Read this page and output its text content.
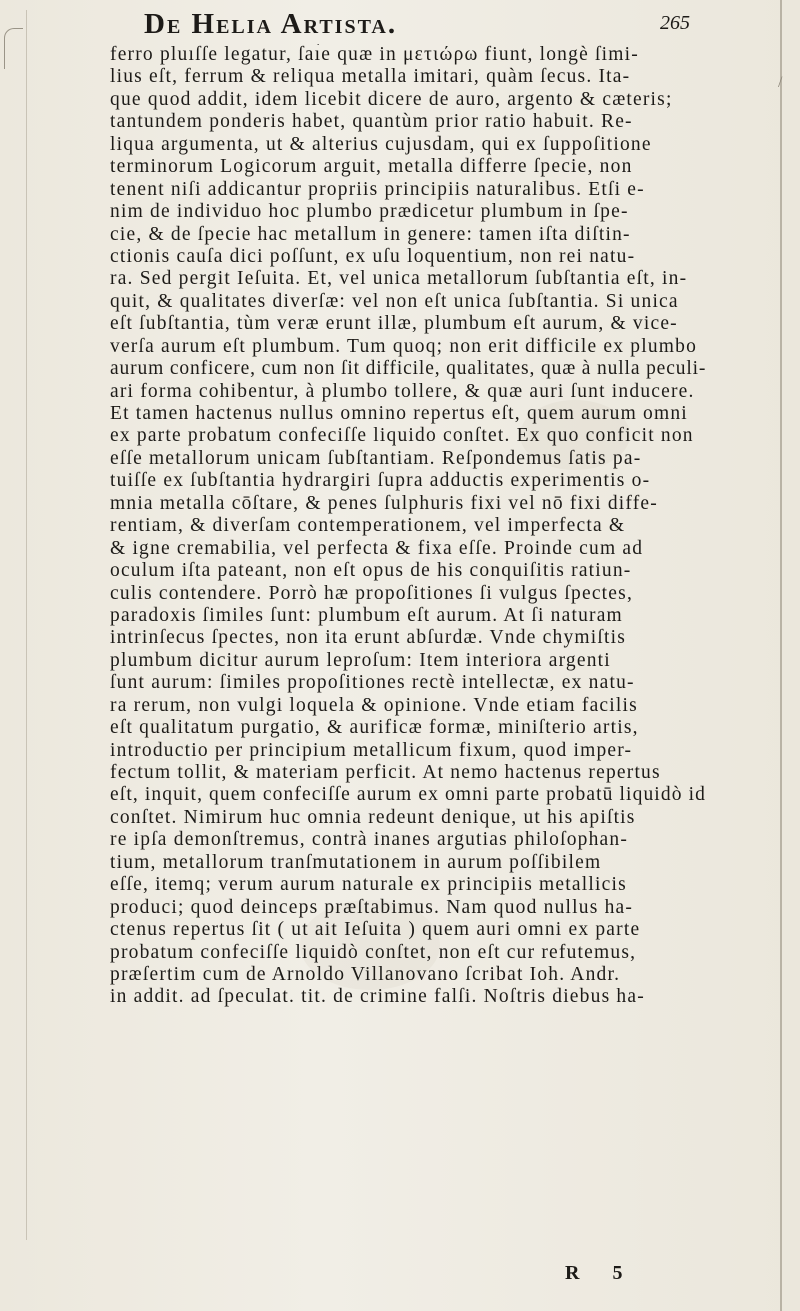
/
De Helia Artista.	265
ferro pluıſſe legatur, ſaı̀e quæ in μετιώρω fiunt, longè ſimi-
lius eſt, ferrum & reliqua metalla imitari, quàm ſecus. Ita-
que quod addit, idem licebit dicere de auro, argento & cæteris;
tantundem ponderis habet, quantùm prior ratio habuit. Re-
liqua argumenta, ut & alterius cujusdam, qui ex ſuppoſitione
terminorum Logicorum arguit, metalla differre ſpecie, non
tenent niſi addicantur propriis principiis naturalibus. Etſi e-
nim de individuo hoc plumbo prædicetur plumbum in ſpe-
cie, & de ſpecie hac metallum in genere: tamen iſta diſtin-
ctionis cauſa dici poſſunt, ex uſu loquentium, non rei natu-
ra. Sed pergit Ieſuita. Et, vel unica metallorum ſubſtantia eſt, in-
quit, & qualitates diverſæ: vel non eſt unica ſubſtantia. Si unica
eſt ſubſtantia, tùm veræ erunt illæ, plumbum eſt aurum, & vice-
verſa aurum eſt plumbum. Tum quoq; non erit difficile ex plumbo
aurum conficere, cum non ſit difficile, qualitates, quæ à nulla peculi-
ari forma cohibentur, à plumbo tollere, & quæ auri ſunt inducere.
Et tamen hactenus nullus omnino repertus eſt, quem aurum omni
ex parte probatum confeciſſe liquido conſtet. Ex quo conficit non
eſſe metallorum unicam ſubſtantiam. Reſpondemus ſatis pa-
tuiſſe ex ſubſtantia hydrargiri ſupra adductis experimentis o-
mnia metalla cōſtare, & penes ſulphuris fixi vel nō fixi diffe-
rentiam, & diverſam contemperationem, vel imperfecta &
& igne cremabilia, vel perfecta & fixa eſſe. Proinde cum ad
oculum iſta pateant, non eſt opus de his conquiſitis ratiun-
culis contendere. Porrò hæ propoſitiones ſi vulgus ſpectes,
paradoxis ſimiles ſunt: plumbum eſt aurum. At ſi naturam
intrinſecus ſpectes, non ita erunt abſurdæ. Vnde chymiſtis
plumbum dicitur aurum leproſum: Item interiora argenti
ſunt aurum: ſimiles propoſitiones rectè intellectæ, ex natu-
ra rerum, non vulgi loquela & opinione. Vnde etiam facilis
eſt qualitatum purgatio, & aurificæ formæ, miniſterio artis,
introductio per principium metallicum fixum, quod imper-
fectum tollit, & materiam perficit. At nemo hactenus repertus
eſt, inquit, quem confeciſſe aurum ex omni parte probatū liquidò id
conſtet. Nimirum huc omnia redeunt denique, ut his apiſtis
re ipſa demonſtremus, contrà inanes argutias philoſophan-
tium, metallorum tranſmutationem in aurum poſſibilem
eſſe, itemq; verum aurum naturale ex principiis metallicis
produci; quod deinceps præſtabimus. Nam quod nullus ha-
ctenus repertus ſit ( ut ait Ieſuita ) quem auri omni ex parte
probatum confeciſſe liquidò conſtet, non eſt cur refutemus,
præſertim cum de Arnoldo Villanovano ſcribat Ioh. Andr.
in addit. ad ſpeculat. tit. de crimine falſi. Noſtris diebus ha-
R 5
